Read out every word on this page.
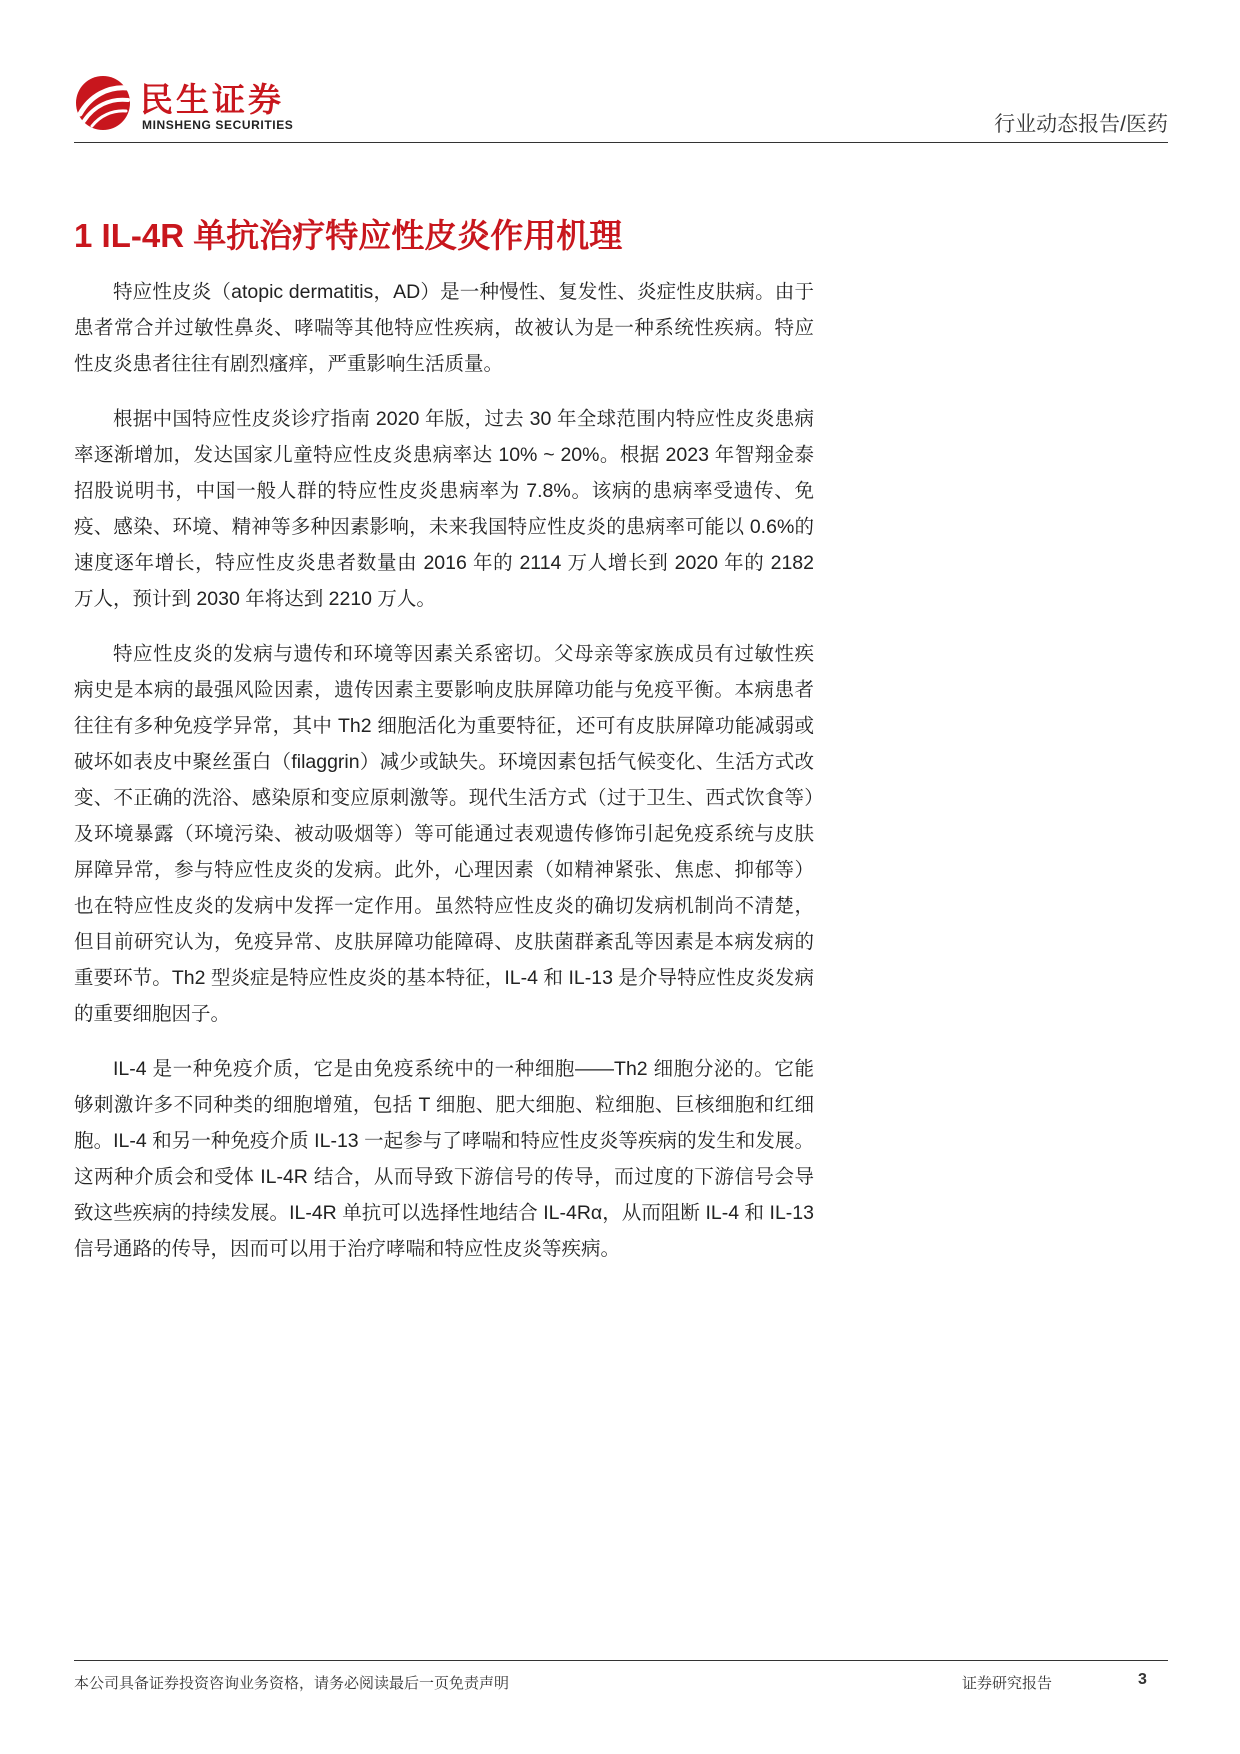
民生证券
MINSHENG SECURITIES	行业动态报告/医药
1 IL-4R 单抗治疗特应性皮炎作用机理

特应性皮炎（atopic dermatitis，AD）是一种慢性、复发性、炎症性皮肤病。由于患者常合并过敏性鼻炎、哮喘等其他特应性疾病，故被认为是一种系统性疾病。特应性皮炎患者往往有剧烈瘙痒，严重影响生活质量。

根据中国特应性皮炎诊疗指南 2020 年版，过去 30 年全球范围内特应性皮炎患病率逐渐增加，发达国家儿童特应性皮炎患病率达 10% ~ 20%。根据 2023 年智翔金泰招股说明书，中国一般人群的特应性皮炎患病率为 7.8%。该病的患病率受遗传、免疫、感染、环境、精神等多种因素影响，未来我国特应性皮炎的患病率可能以 0.6%的速度逐年增长，特应性皮炎患者数量由 2016 年的 2114 万人增长到 2020 年的 2182 万人，预计到 2030 年将达到 2210 万人。

特应性皮炎的发病与遗传和环境等因素关系密切。父母亲等家族成员有过敏性疾病史是本病的最强风险因素，遗传因素主要影响皮肤屏障功能与免疫平衡。本病患者往往有多种免疫学异常，其中 Th2 细胞活化为重要特征，还可有皮肤屏障功能减弱或破坏如表皮中聚丝蛋白（filaggrin）减少或缺失。环境因素包括气候变化、生活方式改变、不正确的洗浴、感染原和变应原刺激等。现代生活方式（过于卫生、西式饮食等）及环境暴露（环境污染、被动吸烟等）等可能通过表观遗传修饰引起免疫系统与皮肤屏障异常，参与特应性皮炎的发病。此外，心理因素（如精神紧张、焦虑、抑郁等）也在特应性皮炎的发病中发挥一定作用。虽然特应性皮炎的确切发病机制尚不清楚，但目前研究认为，免疫异常、皮肤屏障功能障碍、皮肤菌群紊乱等因素是本病发病的重要环节。Th2 型炎症是特应性皮炎的基本特征，IL-4 和 IL-13 是介导特应性皮炎发病的重要细胞因子。

IL-4 是一种免疫介质，它是由免疫系统中的一种细胞——Th2 细胞分泌的。它能够刺激许多不同种类的细胞增殖，包括 T 细胞、肥大细胞、粒细胞、巨核细胞和红细胞。IL-4 和另一种免疫介质 IL-13 一起参与了哮喘和特应性皮炎等疾病的发生和发展。这两种介质会和受体 IL-4R 结合，从而导致下游信号的传导，而过度的下游信号会导致这些疾病的持续发展。IL-4R 单抗可以选择性地结合 IL-4Rα，从而阻断 IL-4 和 IL-13 信号通路的传导，因而可以用于治疗哮喘和特应性皮炎等疾病。

本公司具备证券投资咨询业务资格，请务必阅读最后一页免责声明	证券研究报告	3
